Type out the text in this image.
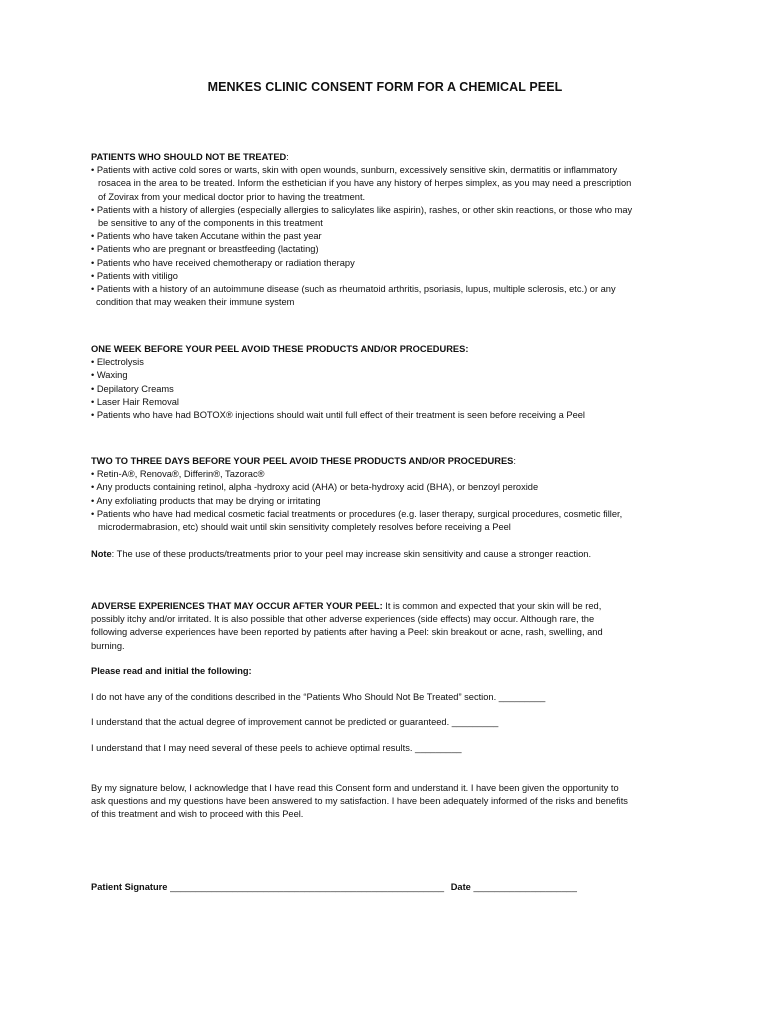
MENKES CLINIC CONSENT FORM FOR A CHEMICAL PEEL
PATIENTS WHO SHOULD NOT BE TREATED:
• Patients with active cold sores or warts, skin with open wounds, sunburn, excessively sensitive skin, dermatitis or inflammatory
rosacea in the area to be treated. Inform the esthetician if you have any history of herpes simplex, as you may need a prescription
of Zovirax from your medical doctor prior to having the treatment.
• Patients with a history of allergies (especially allergies to salicylates like aspirin), rashes, or other skin reactions, or those who may
be sensitive to any of the components in this treatment
• Patients who have taken Accutane within the past year
• Patients who are pregnant or breastfeeding (lactating)
• Patients who have received chemotherapy or radiation therapy
• Patients with vitiligo
• Patients with a history of an autoimmune disease (such as rheumatoid arthritis, psoriasis, lupus, multiple sclerosis, etc.) or any
condition that may weaken their immune system
ONE WEEK BEFORE YOUR PEEL AVOID THESE PRODUCTS AND/OR PROCEDURES:
• Electrolysis
• Waxing
• Depilatory Creams
• Laser Hair Removal
• Patients who have had BOTOX® injections should wait until full effect of their treatment is seen before receiving a Peel
TWO TO THREE DAYS BEFORE YOUR PEEL AVOID THESE PRODUCTS AND/OR PROCEDURES:
• Retin-A®, Renova®, Differin®, Tazorac®
• Any products containing retinol, alpha -hydroxy acid (AHA) or beta-hydroxy acid (BHA), or benzoyl peroxide
• Any exfoliating products that may be drying or irritating
• Patients who have had medical cosmetic facial treatments or procedures (e.g. laser therapy, surgical procedures, cosmetic filler,
microdermabrasion, etc) should wait until skin sensitivity completely resolves before receiving a Peel
Note: The use of these products/treatments prior to your peel may increase skin sensitivity and cause a stronger reaction.
ADVERSE EXPERIENCES THAT MAY OCCUR AFTER YOUR PEEL: It is common and expected that your skin will be red,
possibly itchy and/or irritated. It is also possible that other adverse experiences (side effects) may occur. Although rare, the
following adverse experiences have been reported by patients after having a Peel: skin breakout or acne, rash, swelling, and
burning.
Please read and initial the following:
I do not have any of the conditions described in the “Patients Who Should Not Be Treated” section. _________
I understand that the actual degree of improvement cannot be predicted or guaranteed. _________
I understand that I may need several of these peels to achieve optimal results. _________
By my signature below, I acknowledge that I have read this Consent form and understand it. I have been given the opportunity to
ask questions and my questions have been answered to my satisfaction. I have been adequately informed of the risks and benefits
of this treatment and wish to proceed with this Peel.
Patient Signature _____________________________________________________ Date ____________________
